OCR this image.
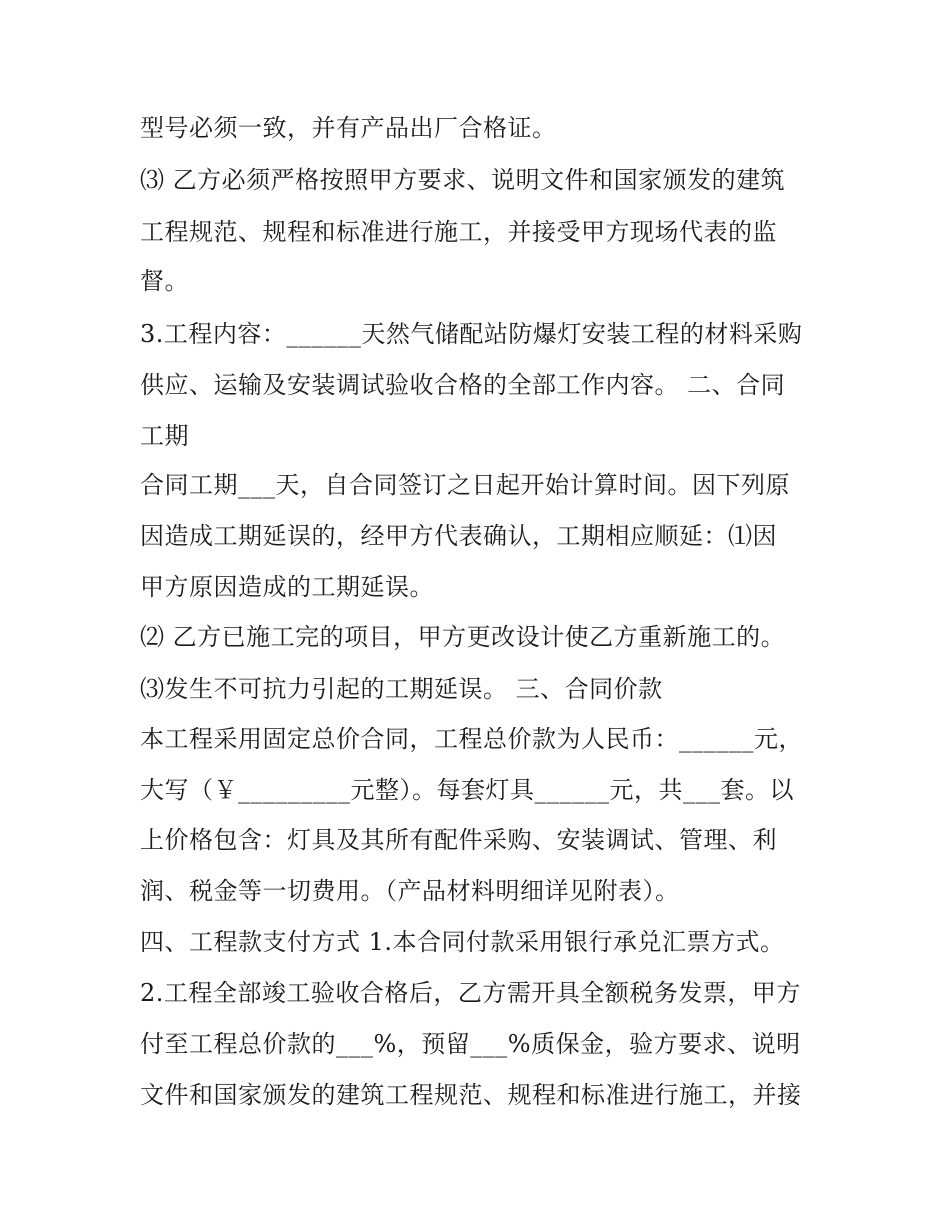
型号必须一致，并有产品出厂合格证。
⑶ 乙方必须严格按照甲方要求、说明文件和国家颁发的建筑
工程规范、规程和标准进行施工，并接受甲方现场代表的监
督。
3.工程内容：______天然气储配站防爆灯安装工程的材料采购
供应、运输及安装调试验收合格的全部工作内容。 二、合同
工期
合同工期___天，自合同签订之日起开始计算时间。因下列原
因造成工期延误的，经甲方代表确认，工期相应顺延：⑴因
甲方原因造成的工期延误。
⑵ 乙方已施工完的项目，甲方更改设计使乙方重新施工的。
⑶发生不可抗力引起的工期延误。 三、合同价款
本工程采用固定总价合同，工程总价款为人民币：______元，
大写（￥_________元整）。每套灯具______元，共___套。以
上价格包含：灯具及其所有配件采购、安装调试、管理、利
润、税金等一切费用。（产品材料明细详见附表）。
四、工程款支付方式 1.本合同付款采用银行承兑汇票方式。
2.工程全部竣工验收合格后，乙方需开具全额税务发票，甲方
付至工程总价款的___%，预留___%质保金，验方要求、说明
文件和国家颁发的建筑工程规范、规程和标准进行施工，并接
